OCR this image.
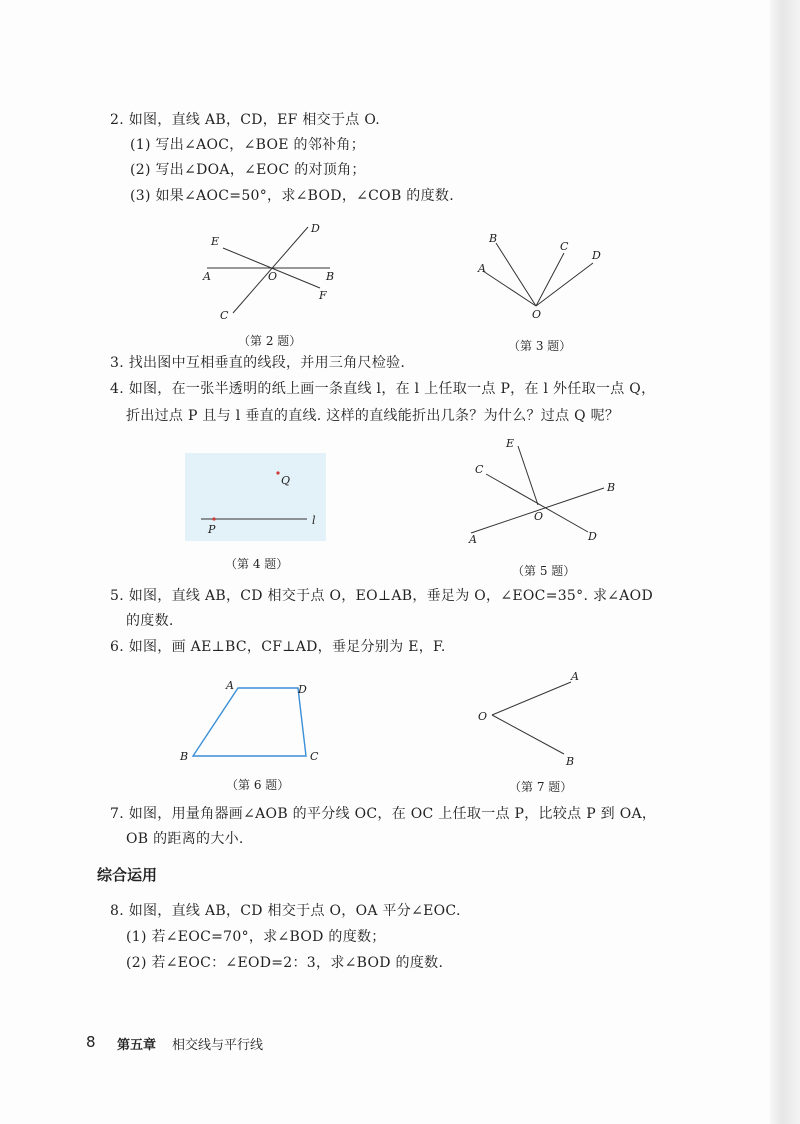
2. 如图，直线 AB，CD，EF 相交于点 O.
(1) 写出∠AOC，∠BOE 的邻补角；
(2) 写出∠DOA，∠EOC 的对顶角；
(3) 如果∠AOC=50°，求∠BOD，∠COB 的度数.
E
D
A	O	B
F
C
（第 2 题）
B
C
D
A
O
（第 3 题）
3. 找出图中互相垂直的线段，并用三角尺检验.
4. 如图，在一张半透明的纸上画一条直线 l，在 l 上任取一点 P，在 l 外任取一点 Q，
折出过点 P 且与 l 垂直的直线. 这样的直线能折出几条？为什么？过点 Q 呢？
Q
P
l
（第 4 题）
E
C
B
O
A	D
（第 5 题）
5. 如图，直线 AB，CD 相交于点 O，EO⊥AB，垂足为 O，∠EOC=35°. 求∠AOD
的度数.
6. 如图，画 AE⊥BC，CF⊥AD，垂足分别为 E，F.
A	D
B	C
（第 6 题）
A
O
B
（第 7 题）
7. 如图，用量角器画∠AOB 的平分线 OC，在 OC 上任取一点 P，比较点 P 到 OA，
OB 的距离的大小.
综合运用
8. 如图，直线 AB，CD 相交于点 O，OA 平分∠EOC.
(1) 若∠EOC=70°，求∠BOD 的度数；
(2) 若∠EOC：∠EOD=2：3，求∠BOD 的度数.
8 第五章 相交线与平行线
